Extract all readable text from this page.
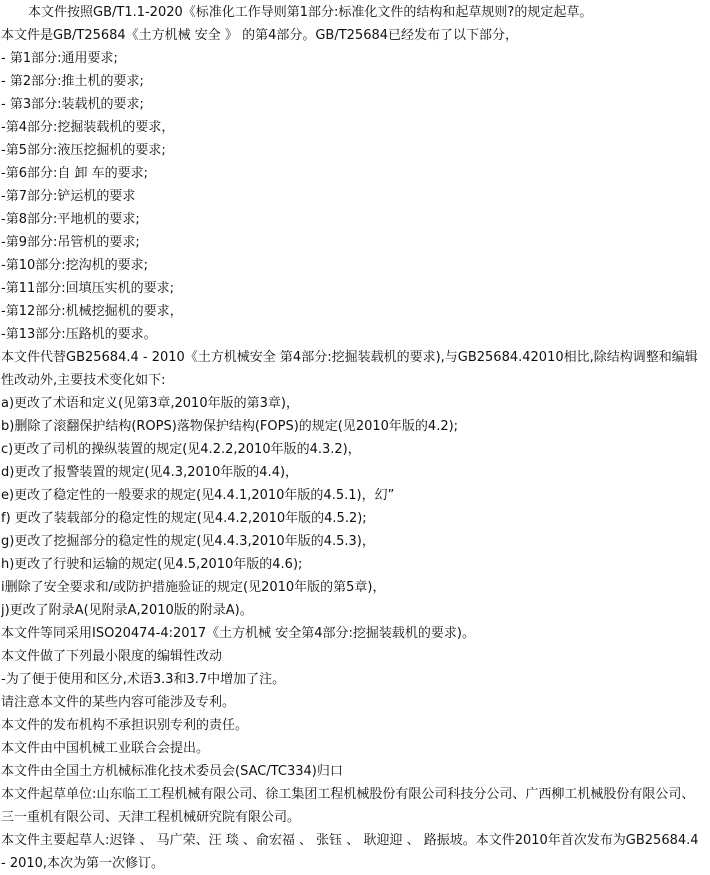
本文件按照GB/T1.1-2020《标准化工作导则第1部分:标准化文件的结构和起草规则?的规定起草。
本文件是GB/T25684《土方机械 安全 》 的第4部分。GB/T25684已经发布了以下部分，
- 第1部分:通用要求;
- 第2部分:推土机的要求;
- 第3部分:装载机的要求;
-第4部分:挖掘装载机的要求，
-第5部分:液压挖掘机的要求;
-第6部分:自 卸 车的要求;
-第7部分:铲运机的要求
-第8部分:平地机的要求;
-第9部分:吊管机的要求;
-第10部分:挖沟机的要求;
-第11部分:回填压实机的要求;
-第12部分:机械挖掘机的要求，
-第13部分:压路机的要求。
本文件代替GB25684.4 - 2010《土方机械安全 第4部分:挖掘装载机的要求),与GB25684.42010相比,除结构调整和编辑性改动外,主要技术变化如下:
a)更改了术语和定义(见第3章,2010年版的第3章)，
b)删除了滚翻保护结构(ROPS)落物保护结构(FOPS)的规定(见2010年版的4.2);
c)更改了司机的操纵装置的规定(见4.2.2,2010年版的4.3.2)，
d)更改了报警装置的规定(见4.3,2010年版的4.4)，
e)更改了稳定性的一般要求的规定(见4.4.1,2010年版的4.5.1)，幻”
f) 更改了装载部分的稳定性的规定(见4.4.2,2010年版的4.5.2);
g)更改了挖掘部分的稳定性的规定(见4.4.3,2010年版的4.5.3)，
h)更改了行驶和运输的规定(见4.5,2010年版的4.6);
i删除了安全要求和/或防护措施验证的规定(见2010年版的第5章)，
j)更改了附录A(见附录A,2010版的附录A)。
本文件等同采用ISO20474-4:2017《土方机械 安全第4部分:挖掘装载机的要求)。
本文件做了下列最小限度的编辑性改动
-为了便于使用和区分,术语3.3和3.7中增加了注。
请注意本文件的某些内容可能涉及专利。
本文件的发布机构不承担识别专利的责任。
本文件由中国机械工业联合会提出。
本文件由全国土方机械标准化技术委员会(SAC/TC334)归口
本文件起草单位:山东临工工程机械有限公司、徐工集团工程机械股份有限公司科技分公司、广西柳工机械股份有限公司、三一重机有限公司、天津工程机械研究院有限公司。
本文件主要起草人:迟锋 、 马广荣、汪 琰 、俞宏福 、 张钰 、 耿迎迎 、 路振坡。本文件2010年首次发布为GB25684.4 - 2010,本次为第一次修订。
